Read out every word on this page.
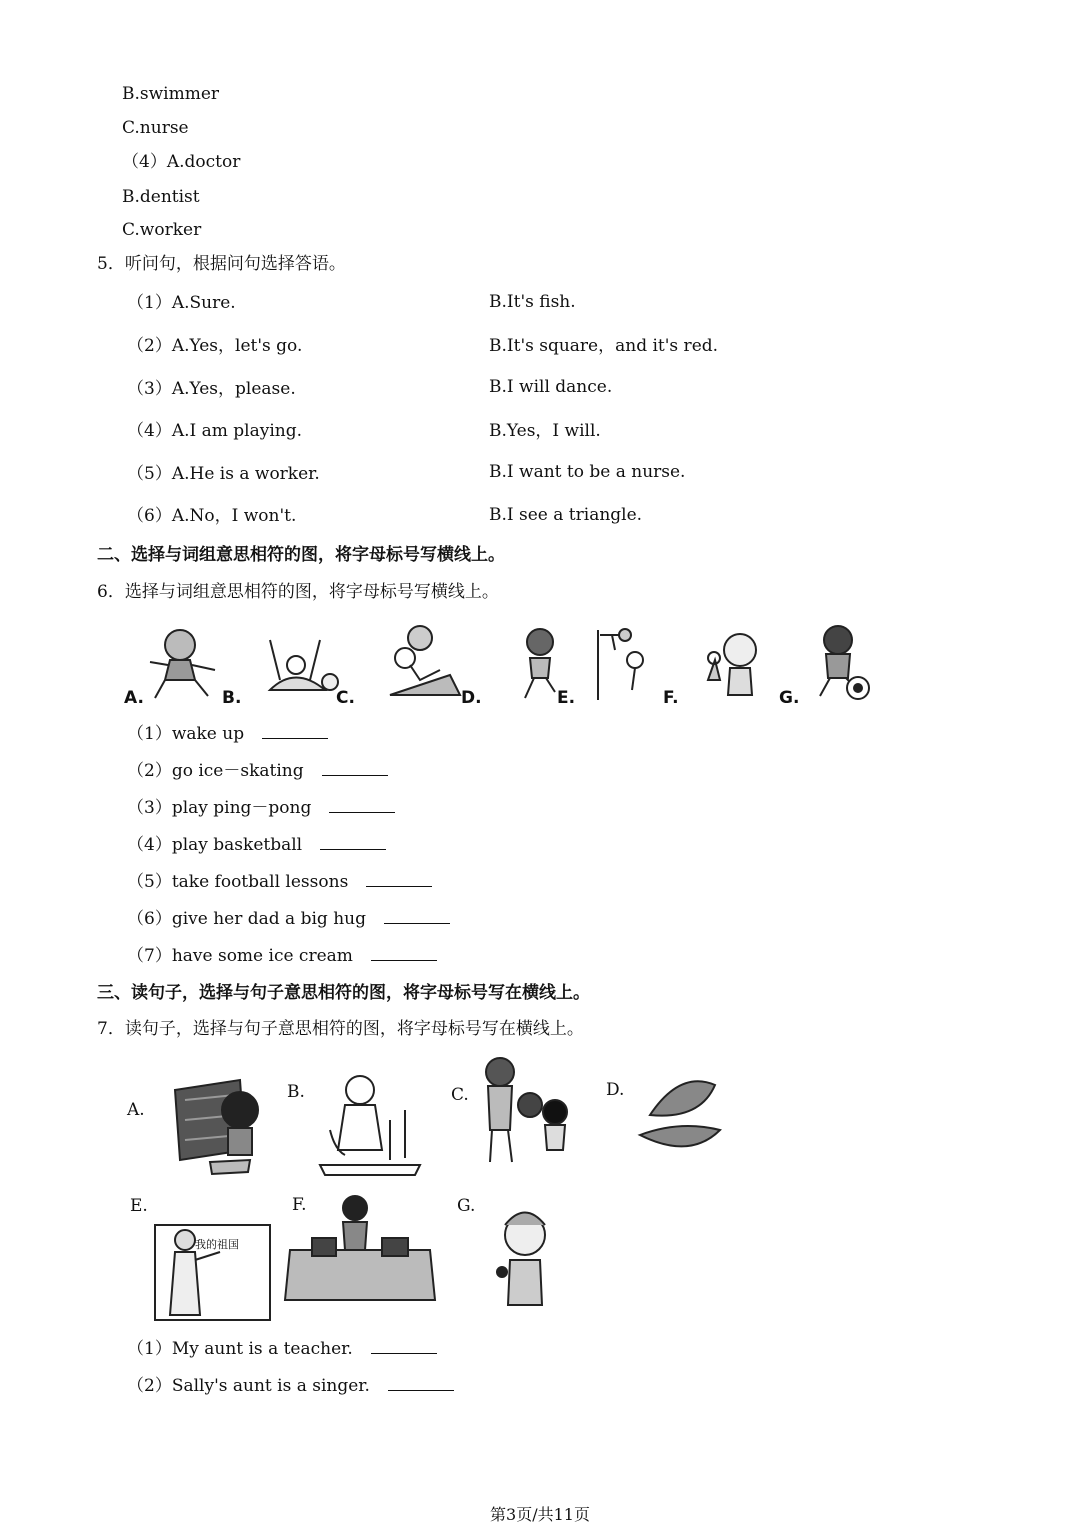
B.swimmer
C.nurse
（4）A.doctor
B.dentist
C.worker
5．听问句，根据问句选择答语。
（1）A.Sure.	B.It's fish.
（2）A.Yes，let's go.	B.It's square，and it's red.
（3）A.Yes，please.	B.I will dance.
（4）A.I am playing.	B.Yes，I will.
（5）A.He is a worker.	B.I want to be a nurse.
（6）A.No，I won't.	B.I see a triangle.
二、选择与词组意思相符的图，将字母标号写横线上。
6．选择与词组意思相符的图，将字母标号写横线上。
A.	B.	C.	D.	E.	F.	G.
（1）wake up
（2）go ice－skating
（3）play ping－pong
（4）play basketball
（5）take football lessons
（6）give her dad a big hug
（7）have some ice cream
三、读句子，选择与句子意思相符的图，将字母标号写在横线上。
7．读句子，选择与句子意思相符的图，将字母标号写在横线上。
A.
B.	C.	D.
E.	F.	G.
我的祖国
（1）My aunt is a teacher.
（2）Sally's aunt is a singer.
第3页/共11页
